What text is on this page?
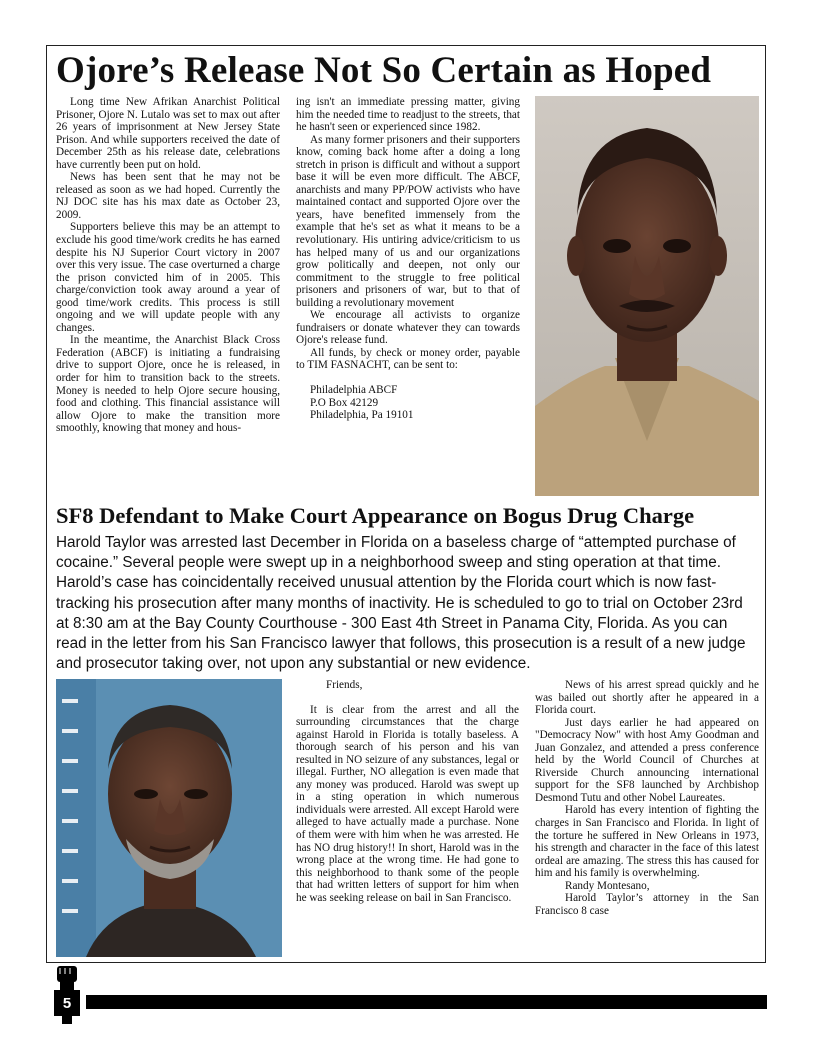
Ojore’s Release Not So Certain as Hoped

Long time New Afrikan Anarchist Political Prisoner, Ojore N. Lutalo was set to max out after 26 years of imprisonment at New Jersey State Prison. And while supporters received the date of December 25th as his release date, celebrations have currently been put on hold.

News has been sent that he may not be released as soon as we had hoped. Currently the NJ DOC site has his max date as October 23, 2009.

Supporters believe this may be an attempt to exclude his good time/work credits he has earned despite his NJ Superior Court victory in 2007 over this very issue. The case overturned a charge the prison convicted him of in 2005. This charge/conviction took away around a year of good time/work credits. This process is still ongoing and we will update people with any changes.

In the meantime, the Anarchist Black Cross Federation (ABCF) is initiating a fundraising drive to support Ojore, once he is released, in order for him to transition back to the streets. Money is needed to help Ojore secure housing, food and clothing. This financial assistance will allow Ojore to make the transition more smoothly, knowing that money and hous-

ing isn't an immediate pressing matter, giving him the needed time to readjust to the streets, that he hasn't seen or experienced since 1982.

As many former prisoners and their supporters know, coming back home after a doing a long stretch in prison is difficult and without a support base it will be even more difficult. The ABCF, anarchists and many PP/POW activists who have maintained contact and supported Ojore over the years, have benefited immensely from the example that he's set as what it means to be a revolutionary. His untiring advice/criticism to us has helped many of us and our organizations grow politically and deepen, not only our commitment to the struggle to free political prisoners and prisoners of war, but to that of building a revolutionary movement

We encourage all activists to organize fundraisers or donate whatever they can towards Ojore's release fund.

All funds, by check or money order, payable to TIM FASNACHT, can be sent to:

Philadelphia ABCF

P.O Box 42129

Philadelphia, Pa 19101

SF8 Defendant to Make Court Appearance on Bogus Drug Charge
Harold Taylor was arrested last December in Florida on a baseless charge of “attempted purchase of cocaine.” Several people were swept up in a neighborhood sweep and sting operation at that time. Harold’s case has coincidentally received unusual attention by the Florida court which is now fast-tracking his prosecution after many months of inactivity. He is scheduled to go to trial on October 23rd at 8:30 am at the Bay County Courthouse - 300 East 4th Street in Panama City, Florida. As you can read in the letter from his San Francisco lawyer that follows, this prosecution is a result of a new judge and prosecutor taking over, not upon any substantial or new evidence.

Friends,

It is clear from the arrest and all the surrounding circumstances that the charge against Harold in Florida is totally baseless. A thorough search of his person and his van resulted in NO seizure of any substances, legal or illegal. Further, NO allegation is even made that any money was produced. Harold was swept up in a sting operation in which numerous individuals were arrested. All except Harold were alleged to have actually made a purchase. None of them were with him when he was arrested. He has NO drug history!! In short, Harold was in the wrong place at the wrong time. He had gone to this neighborhood to thank some of the people that had written letters of support for him when he was seeking release on bail in San Francisco.

News of his arrest spread quickly and he was bailed out shortly after he appeared in a Florida court.

Just days earlier he had appeared on "Democracy Now" with host Amy Goodman and Juan Gonzalez, and attended a press conference held by the World Council of Churches at Riverside Church announcing international support for the SF8 launched by Archbishop Desmond Tutu and other Nobel Laureates.

Harold has every intention of fighting the charges in San Francisco and Florida. In light of the torture he suffered in New Orleans in 1973, his strength and character in the face of this latest ordeal are amazing. The stress this has caused for him and his family is overwhelming.

Randy Montesano,

Harold Taylor’s attorney in the San Francisco 8 case

5
